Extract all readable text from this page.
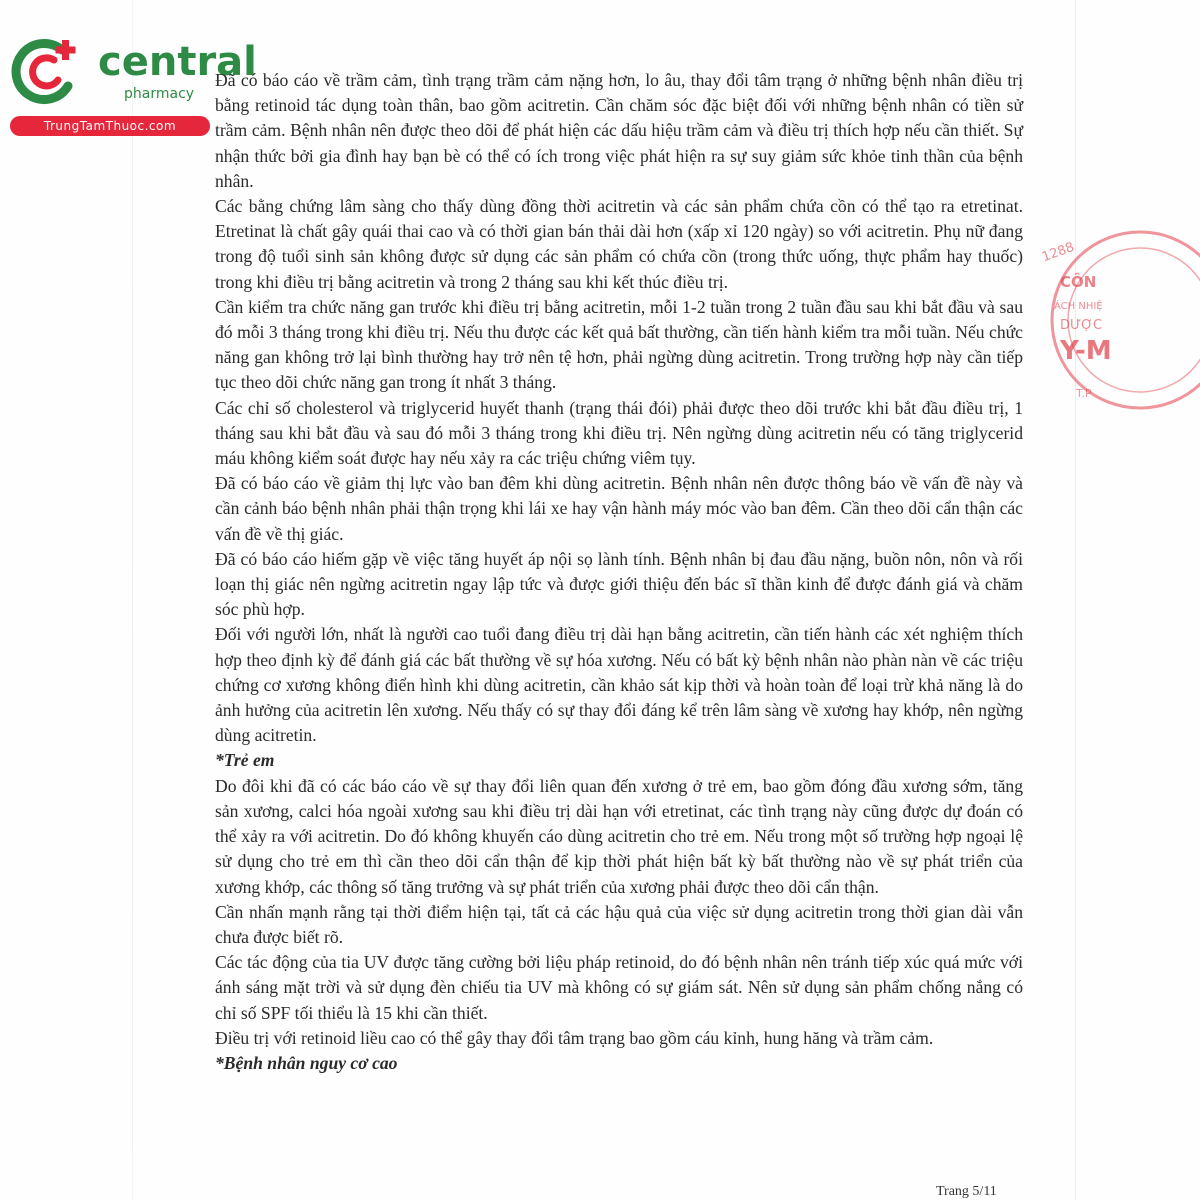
central
pharmacy
TrungTamThuoc.com
1288
CÔN
ÁCH NHIỆ
DƯỢC
Y-M
T.P

Đã có báo cáo về trầm cảm, tình trạng trầm cảm nặng hơn, lo âu, thay đổi tâm trạng ở những bệnh nhân điều trị bằng retinoid tác dụng toàn thân, bao gồm acitretin. Cần chăm sóc đặc biệt đối với những bệnh nhân có tiền sử trầm cảm. Bệnh nhân nên được theo dõi để phát hiện các dấu hiệu trầm cảm và điều trị thích hợp nếu cần thiết. Sự nhận thức bởi gia đình hay bạn bè có thể có ích trong việc phát hiện ra sự suy giảm sức khỏe tinh thần của bệnh nhân.

Các bằng chứng lâm sàng cho thấy dùng đồng thời acitretin và các sản phẩm chứa cồn có thể tạo ra etretinat. Etretinat là chất gây quái thai cao và có thời gian bán thải dài hơn (xấp xỉ 120 ngày) so với acitretin. Phụ nữ đang trong độ tuổi sinh sản không được sử dụng các sản phẩm có chứa cồn (trong thức uống, thực phẩm hay thuốc) trong khi điều trị bằng acitretin và trong 2 tháng sau khi kết thúc điều trị.

Cần kiểm tra chức năng gan trước khi điều trị bằng acitretin, mỗi 1-2 tuần trong 2 tuần đầu sau khi bắt đầu và sau đó mỗi 3 tháng trong khi điều trị. Nếu thu được các kết quả bất thường, cần tiến hành kiểm tra mỗi tuần. Nếu chức năng gan không trở lại bình thường hay trở nên tệ hơn, phải ngừng dùng acitretin. Trong trường hợp này cần tiếp tục theo dõi chức năng gan trong ít nhất 3 tháng.

Các chỉ số cholesterol và triglycerid huyết thanh (trạng thái đói) phải được theo dõi trước khi bắt đầu điều trị, 1 tháng sau khi bắt đầu và sau đó mỗi 3 tháng trong khi điều trị. Nên ngừng dùng acitretin nếu có tăng triglycerid máu không kiểm soát được hay nếu xảy ra các triệu chứng viêm tụy.

Đã có báo cáo về giảm thị lực vào ban đêm khi dùng acitretin. Bệnh nhân nên được thông báo về vấn đề này và cần cảnh báo bệnh nhân phải thận trọng khi lái xe hay vận hành máy móc vào ban đêm. Cần theo dõi cẩn thận các vấn đề về thị giác.

Đã có báo cáo hiếm gặp về việc tăng huyết áp nội sọ lành tính. Bệnh nhân bị đau đầu nặng, buồn nôn, nôn và rối loạn thị giác nên ngừng acitretin ngay lập tức và được giới thiệu đến bác sĩ thần kinh để được đánh giá và chăm sóc phù hợp.

Đối với người lớn, nhất là người cao tuổi đang điều trị dài hạn bằng acitretin, cần tiến hành các xét nghiệm thích hợp theo định kỳ để đánh giá các bất thường về sự hóa xương. Nếu có bất kỳ bệnh nhân nào phàn nàn về các triệu chứng cơ xương không điển hình khi dùng acitretin, cần khảo sát kịp thời và hoàn toàn để loại trừ khả năng là do ảnh hưởng của acitretin lên xương. Nếu thấy có sự thay đổi đáng kể trên lâm sàng về xương hay khớp, nên ngừng dùng acitretin.

*Trẻ em

Do đôi khi đã có các báo cáo về sự thay đổi liên quan đến xương ở trẻ em, bao gồm đóng đầu xương sớm, tăng sản xương, calci hóa ngoài xương sau khi điều trị dài hạn với etretinat, các tình trạng này cũng được dự đoán có thể xảy ra với acitretin. Do đó không khuyến cáo dùng acitretin cho trẻ em. Nếu trong một số trường hợp ngoại lệ sử dụng cho trẻ em thì cần theo dõi cẩn thận để kịp thời phát hiện bất kỳ bất thường nào về sự phát triển của xương khớp, các thông số tăng trưởng và sự phát triển của xương phải được theo dõi cẩn thận.

Cần nhấn mạnh rằng tại thời điểm hiện tại, tất cả các hậu quả của việc sử dụng acitretin trong thời gian dài vẫn chưa được biết rõ.

Các tác động của tia UV được tăng cường bởi liệu pháp retinoid, do đó bệnh nhân nên tránh tiếp xúc quá mức với ánh sáng mặt trời và sử dụng đèn chiếu tia UV mà không có sự giám sát. Nên sử dụng sản phẩm chống nắng có chỉ số SPF tối thiểu là 15 khi cần thiết.

Điều trị với retinoid liều cao có thể gây thay đổi tâm trạng bao gồm cáu kỉnh, hung hăng và trầm cảm.

*Bệnh nhân nguy cơ cao

Trang 5/11
